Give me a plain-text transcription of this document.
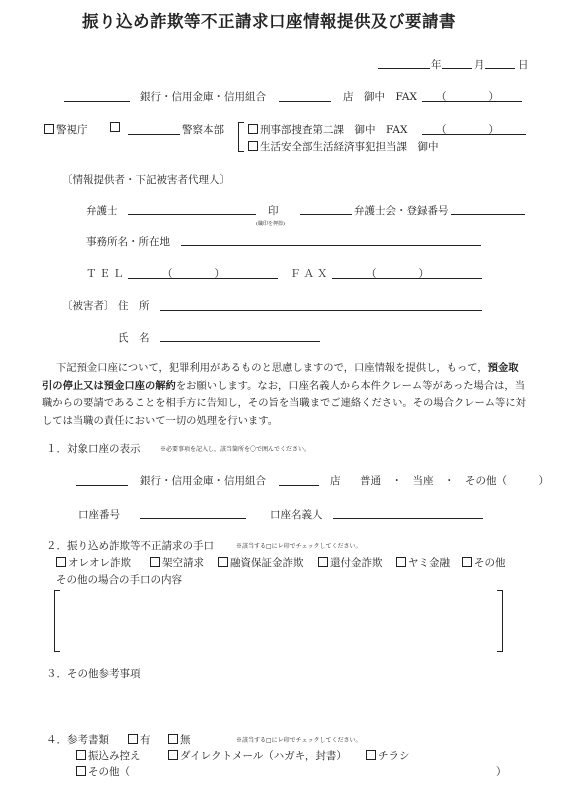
振り込め詐欺等不正請求口座情報提供及び要請書
年	月	日
銀行・信用金庫・信用組合	店　御中　FAX （　　　　）
警視庁	警察本部	刑事部捜査第二課　御中　FAX	（　　　　）
生活安全部生活経済事犯担当課　御中
〔情報提供者・下記被害者代理人〕
弁護士	印
(職印を押捺)
弁護士会・登録番号
事務所名・所在地
ＴＥＬ	（　　　　）	ＦＡＸ	（　　　　）
〔被害者〕 住　所
氏　名
下記預金口座について，犯罪利用があるものと思慮しますので，口座情報を提供し，もって，預金取引の停止又は預金口座の解約をお願いします。なお，口座名義人から本件クレーム等があった場合は，当職からの要請であることを相手方に告知し，その旨を当職までご連絡ください。その場合クレーム等に対しては当職の責任において一切の処理を行います。
１．対象口座の表示	※必要事項を記入し，該当箇所を〇で囲んでください。
銀行・信用金庫・信用組合	店 普通　・　当座　・　その他（　　　）
口座番号	口座名義人
２．振り込め詐欺等不正請求の手口	※該当する□にレ印でチェックしてください。
オレオレ詐欺	架空請求	融資保証金詐欺	還付金詐欺	ヤミ金融	その他
その他の場合の手口の内容
３．その他参考事項
４．参考書類	有	無	※該当する□にレ印でチェックしてください。
振込み控え	ダイレクトメール（ハガキ，封書）	チラシ
その他（	）
